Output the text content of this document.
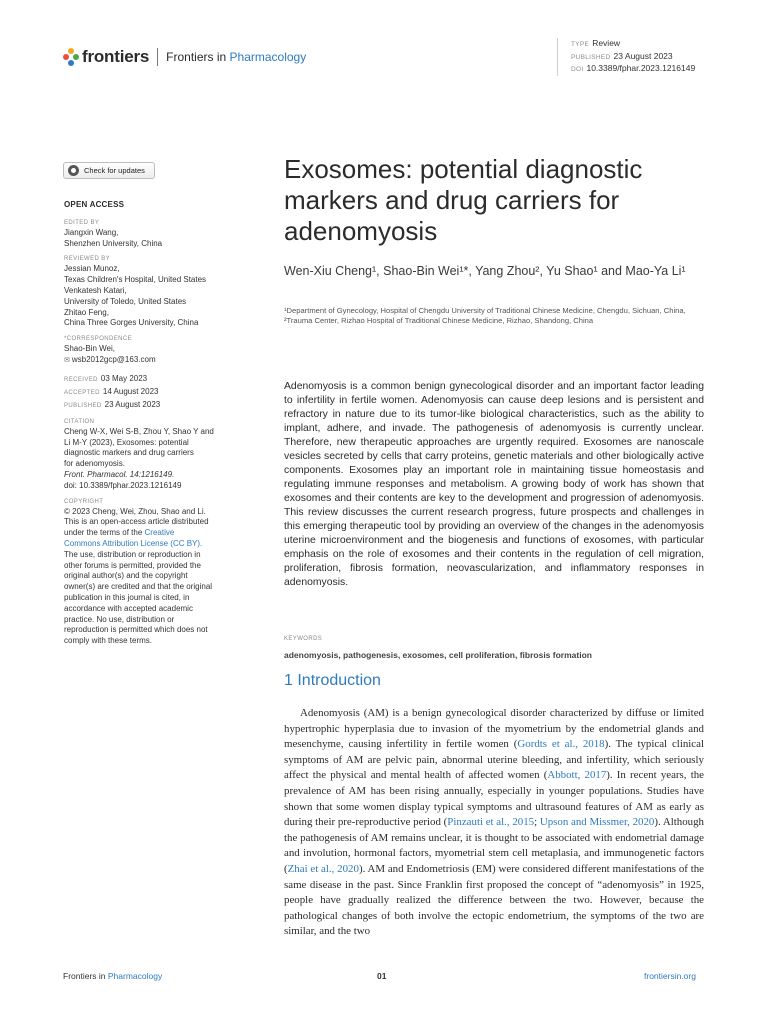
frontiers Frontiers in Pharmacology
TYPE Review
PUBLISHED 23 August 2023
DOI 10.3389/fphar.2023.1216149
Check for updates
OPEN ACCESS
EDITED BY
Jiangxin Wang,
Shenzhen University, China
REVIEWED BY
Jessian Munoz,
Texas Children's Hospital, United States
Venkatesh Katari,
University of Toledo, United States
Zhitao Feng,
China Three Gorges University, China
*CORRESPONDENCE
Shao-Bin Wei,
✉ wsb2012gcp@163.com
RECEIVED 03 May 2023
ACCEPTED 14 August 2023
PUBLISHED 23 August 2023
CITATION
Cheng W-X, Wei S-B, Zhou Y, Shao Y and
Li M-Y (2023), Exosomes: potential
diagnostic markers and drug carriers
for adenomyosis.
Front. Pharmacol. 14:1216149.
doi: 10.3389/fphar.2023.1216149
COPYRIGHT
© 2023 Cheng, Wei, Zhou, Shao and Li.
This is an open-access article distributed
under the terms of the Creative
Commons Attribution License (CC BY).
The use, distribution or reproduction in
other forums is permitted, provided the
original author(s) and the copyright
owner(s) are credited and that the original
publication in this journal is cited, in
accordance with accepted academic
practice. No use, distribution or
reproduction is permitted which does not
comply with these terms.
Exosomes: potential diagnostic markers and drug carriers for adenomyosis
Wen-Xiu Cheng¹, Shao-Bin Wei¹*, Yang Zhou², Yu Shao¹ and Mao-Ya Li¹
¹Department of Gynecology, Hospital of Chengdu University of Traditional Chinese Medicine, Chengdu, Sichuan, China, ²Trauma Center, Rizhao Hospital of Traditional Chinese Medicine, Rizhao, Shandong, China

Adenomyosis is a common benign gynecological disorder and an important factor leading to infertility in fertile women. Adenomyosis can cause deep lesions and is persistent and refractory in nature due to its tumor-like biological characteristics, such as the ability to implant, adhere, and invade. The pathogenesis of adenomyosis is currently unclear. Therefore, new therapeutic approaches are urgently required. Exosomes are nanoscale vesicles secreted by cells that carry proteins, genetic materials and other biologically active components. Exosomes play an important role in maintaining tissue homeostasis and regulating immune responses and metabolism. A growing body of work has shown that exosomes and their contents are key to the development and progression of adenomyosis. This review discusses the current research progress, future prospects and challenges in this emerging therapeutic tool by providing an overview of the changes in the adenomyosis uterine microenvironment and the biogenesis and functions of exosomes, with particular emphasis on the role of exosomes and their contents in the regulation of cell migration, proliferation, fibrosis formation, neovascularization, and inflammatory responses in adenomyosis.

KEYWORDS
adenomyosis, pathogenesis, exosomes, cell proliferation, fibrosis formation
1 Introduction

Adenomyosis (AM) is a benign gynecological disorder characterized by diffuse or limited hypertrophic hyperplasia due to invasion of the myometrium by the endometrial glands and mesenchyme, causing infertility in fertile women (Gordts et al., 2018). The typical clinical symptoms of AM are pelvic pain, abnormal uterine bleeding, and infertility, which seriously affect the physical and mental health of affected women (Abbott, 2017). In recent years, the prevalence of AM has been rising annually, especially in younger populations. Studies have shown that some women display typical symptoms and ultrasound features of AM as early as during their pre-reproductive period (Pinzauti et al., 2015; Upson and Missmer, 2020). Although the pathogenesis of AM remains unclear, it is thought to be associated with endometrial damage and involution, hormonal factors, myometrial stem cell metaplasia, and immunogenetic factors (Zhai et al., 2020). AM and Endometriosis (EM) were considered different manifestations of the same disease in the past. Since Franklin first proposed the concept of “adenomyosis” in 1925, people have gradually realized the difference between the two. However, because the pathological changes of both involve the ectopic endometrium, the symptoms of the two are similar, and the two

Frontiers in Pharmacology	01	frontiersin.org
